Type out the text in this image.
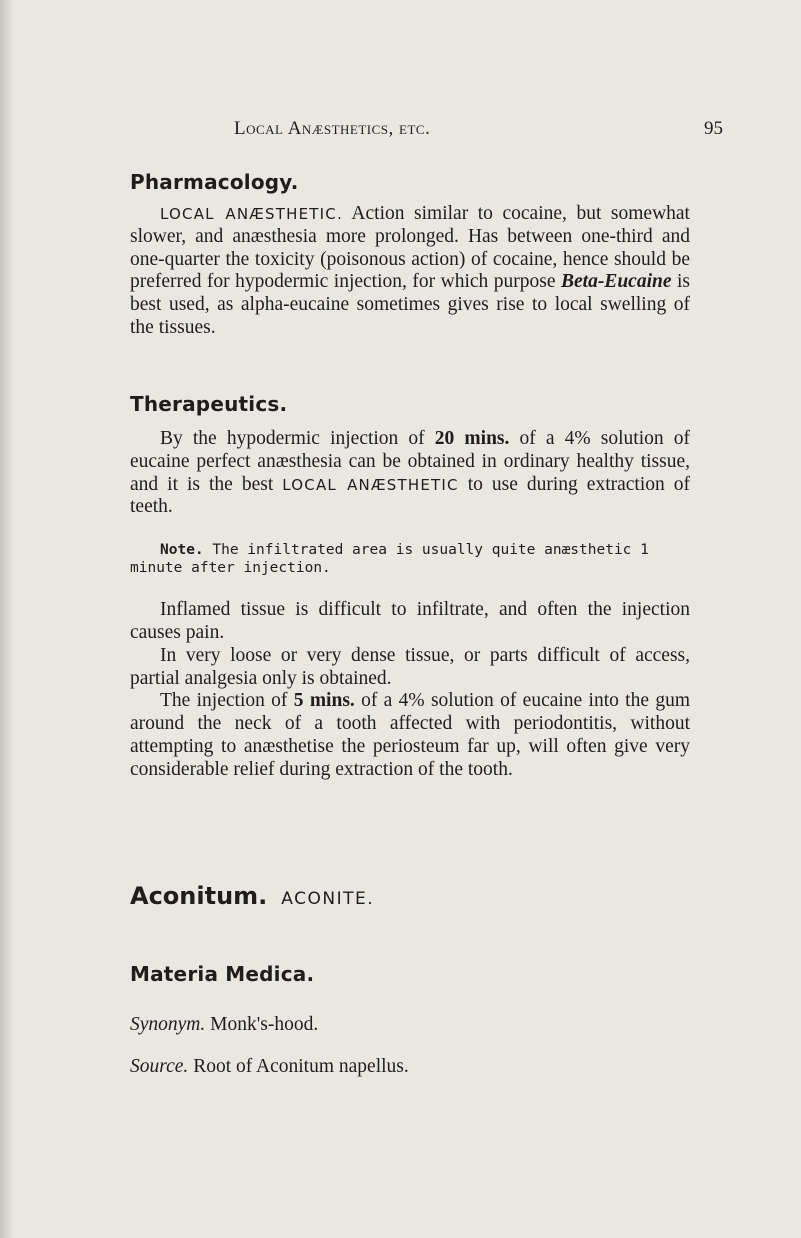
Local Anæsthetics, etc.	95
Pharmacology.

LOCAL ANÆSTHETIC. Action similar to cocaine, but somewhat slower, and anæsthesia more prolonged. Has between one-third and one-quarter the toxicity (poisonous action) of cocaine, hence should be preferred for hypodermic injection, for which purpose Beta-Eucaine is best used, as alpha-eucaine sometimes gives rise to local swelling of the tissues.

Therapeutics.

By the hypodermic injection of 20 mins. of a 4% solution of eucaine perfect anæsthesia can be obtained in ordinary healthy tissue, and it is the best LOCAL ANÆSTHETIC to use during extraction of teeth.

Note. The infiltrated area is usually quite anæsthetic 1 minute after injection.

Inflamed tissue is difficult to infiltrate, and often the injection causes pain.

In very loose or very dense tissue, or parts difficult of access, partial analgesia only is obtained.

The injection of 5 mins. of a 4% solution of eucaine into the gum around the neck of a tooth affected with periodontitis, without attempting to anæsthetise the periosteum far up, will often give very considerable relief during extraction of the tooth.

Aconitum. ACONITE.
Materia Medica.
Synonym. Monk's-hood.
Source. Root of Aconitum napellus.
